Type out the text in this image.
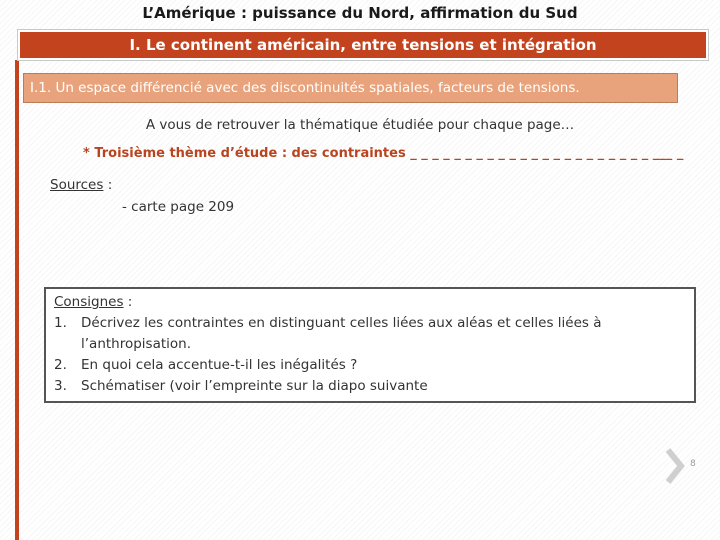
L’Amérique : puissance du Nord, affirmation du Sud
I. Le continent américain, entre tensions et intégration
I.1. Un espace différencié avec des discontinuités spatiales, facteurs de tensions.
A vous de retrouver la thématique étudiée pour chaque page…
* Troisième thème d’étude : des contraintes _ _ _ _ _ _ _ _ _ _ _ _ _ _ _ _ _ _ _ _ _ _ ___ _
Sources :
- carte page 209
Consignes :
1. Décrivez les contraintes en distinguant celles liées aux aléas et celles liées à l’anthropisation.
2. En quoi cela accentue-t-il les inégalités ?
3. Schématiser (voir l’empreinte sur la diapo suivante
8
